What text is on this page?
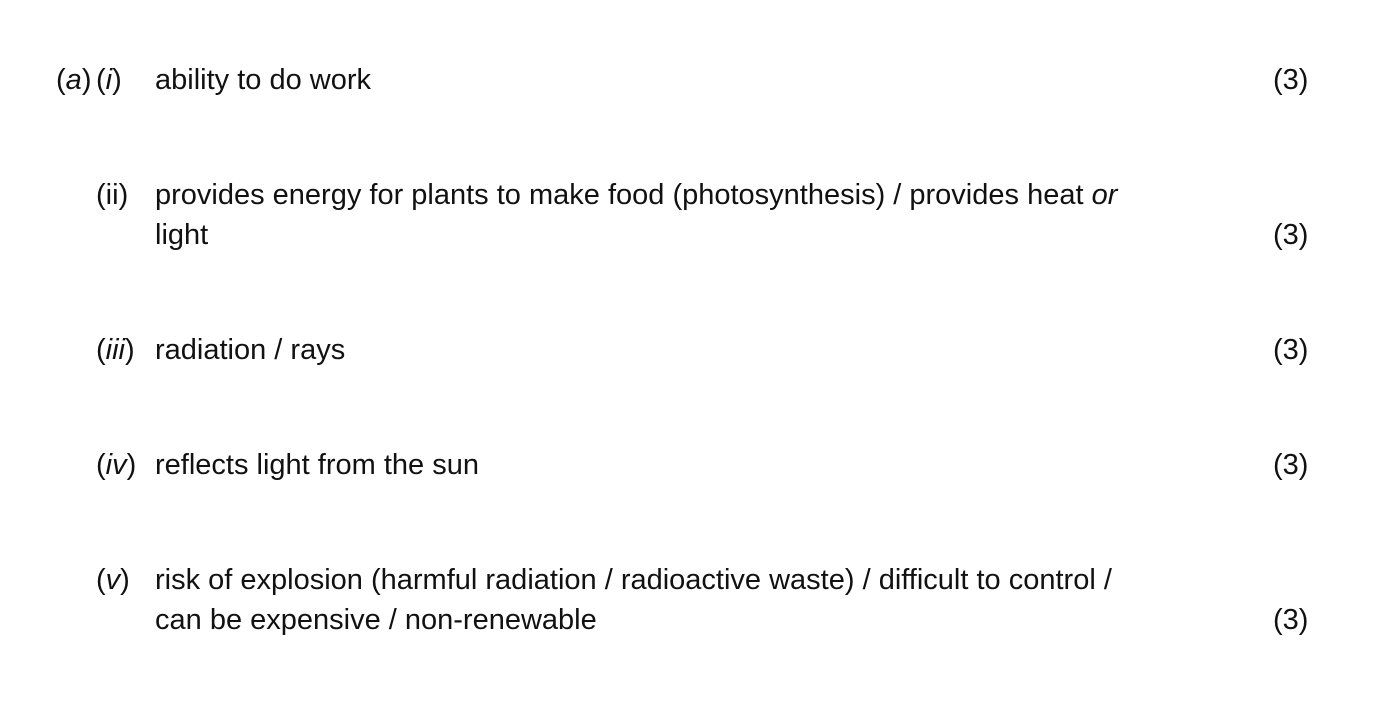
(a) (i) ability to do work	(3)
(ii) provides energy for plants to make food (photosynthesis) / provides heat or
light	(3)
(iii) radiation / rays	(3)
(iv) reflects light from the sun	(3)
(v) risk of explosion (harmful radiation / radioactive waste) / difficult to control /
can be expensive / non-renewable	(3)
